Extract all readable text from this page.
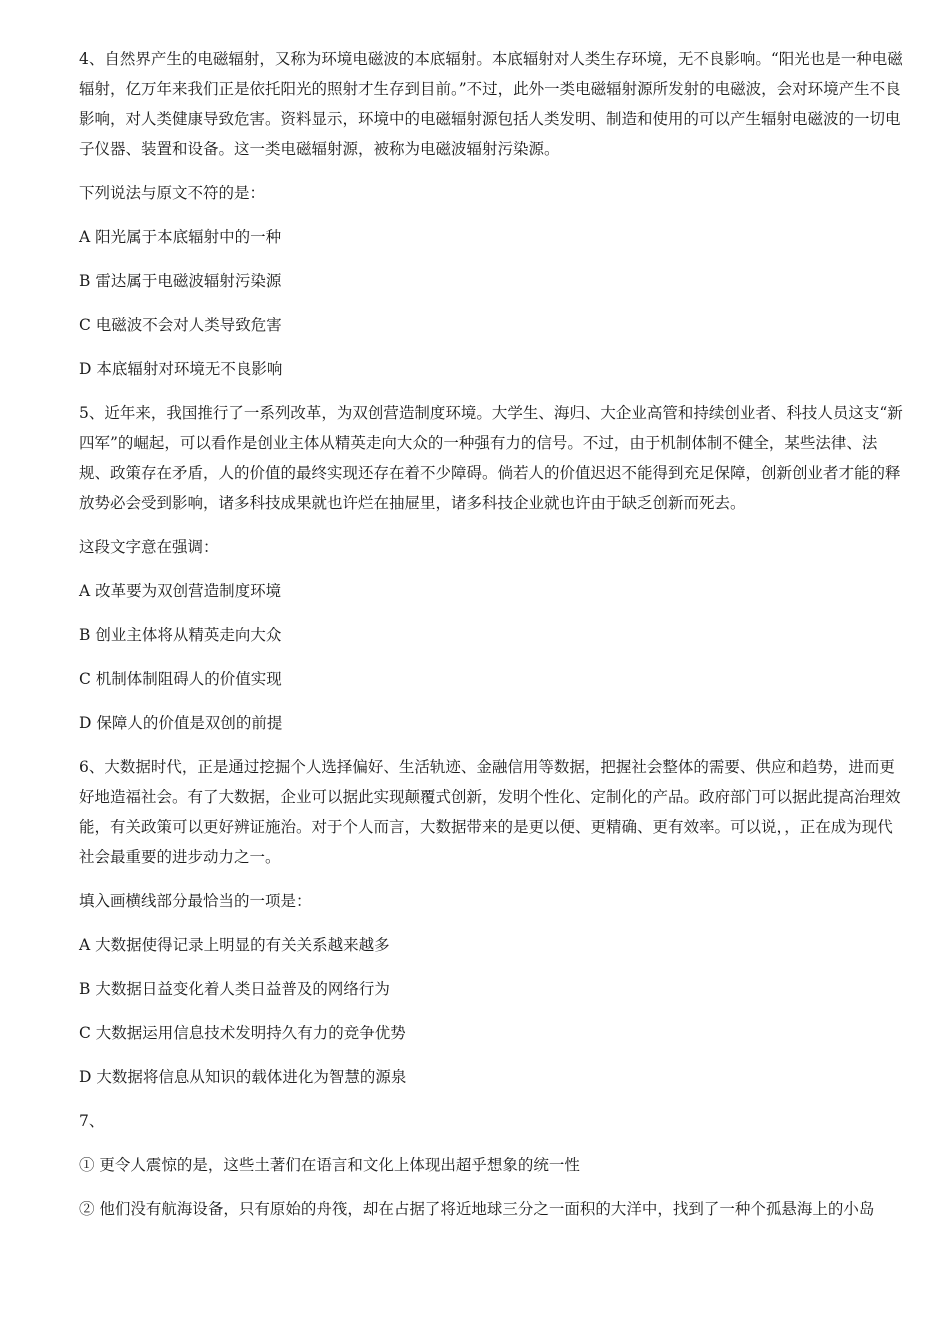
4、自然界产生的电磁辐射，又称为环境电磁波的本底辐射。本底辐射对人类生存环境，无不良影响。“阳光也是一种电磁辐射，亿万年来我们正是依托阳光的照射才生存到目前。”不过，此外一类电磁辐射源所发射的电磁波，会对环境产生不良影响，对人类健康导致危害。资料显示，环境中的电磁辐射源包括人类发明、制造和使用的可以产生辐射电磁波的一切电子仪器、装置和设备。这一类电磁辐射源，被称为电磁波辐射污染源。

下列说法与原文不符的是：

A 阳光属于本底辐射中的一种

B 雷达属于电磁波辐射污染源

C 电磁波不会对人类导致危害

D 本底辐射对环境无不良影响

5、近年来，我国推行了一系列改革，为双创营造制度环境。大学生、海归、大企业高管和持续创业者、科技人员这支“新四军”的崛起，可以看作是创业主体从精英走向大众的一种强有力的信号。不过，由于机制体制不健全，某些法律、法规、政策存在矛盾，人的价值的最终实现还存在着不少障碍。倘若人的价值迟迟不能得到充足保障，创新创业者才能的释放势必会受到影响，诸多科技成果就也许烂在抽屉里，诸多科技企业就也许由于缺乏创新而死去。

这段文字意在强调：

A 改革要为双创营造制度环境

B 创业主体将从精英走向大众

C 机制体制阻碍人的价值实现

D 保障人的价值是双创的前提

6、大数据时代，正是通过挖掘个人选择偏好、生活轨迹、金融信用等数据，把握社会整体的需要、供应和趋势，进而更好地造福社会。有了大数据，企业可以据此实现颠覆式创新，发明个性化、定制化的产品。政府部门可以据此提高治理效能，有关政策可以更好辨证施治。对于个人而言，大数据带来的是更以便、更精确、更有效率。可以说，，正在成为现代社会最重要的进步动力之一。

填入画横线部分最恰当的一项是：

A 大数据使得记录上明显的有关关系越来越多

B 大数据日益变化着人类日益普及的网络行为

C 大数据运用信息技术发明持久有力的竞争优势

D 大数据将信息从知识的载体进化为智慧的源泉

7、

① 更令人震惊的是，这些土著们在语言和文化上体现出超乎想象的统一性

② 他们没有航海设备，只有原始的舟筏，却在占据了将近地球三分之一面积的大洋中，找到了一种个孤悬海上的小岛
